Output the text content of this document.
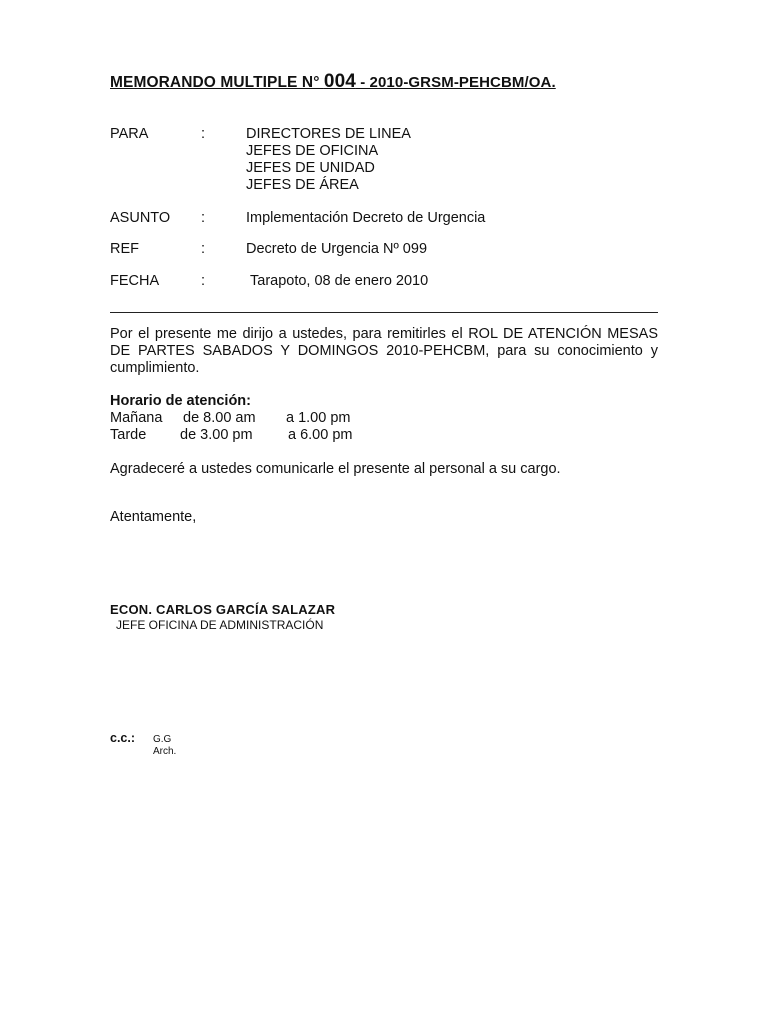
MEMORANDO MULTIPLE N° 004 - 2010-GRSM-PEHCBM/OA.
PARA	:	DIRECTORES DE LINEA
JEFES DE OFICINA
JEFES DE UNIDAD
JEFES DE ÁREA
ASUNTO :	Implementación Decreto de Urgencia
REF	:	Decreto de Urgencia Nº 099
FECHA	:	Tarapoto, 08 de enero 2010
Por el presente me dirijo a ustedes, para remitirles el ROL DE ATENCIÓN MESAS DE PARTES SABADOS Y DOMINGOS 2010-PEHCBM, para su conocimiento y cumplimiento.
Horario de atención:
Mañana de 8.00 am a 1.00 pm
Tarde de 3.00 pm a 6.00 pm
Agradeceré a ustedes comunicarle el presente al personal a su cargo.
Atentamente,
ECON. CARLOS GARCÍA SALAZAR
JEFE OFICINA DE ADMINISTRACIÓN
c.c.: G.G
Arch.
